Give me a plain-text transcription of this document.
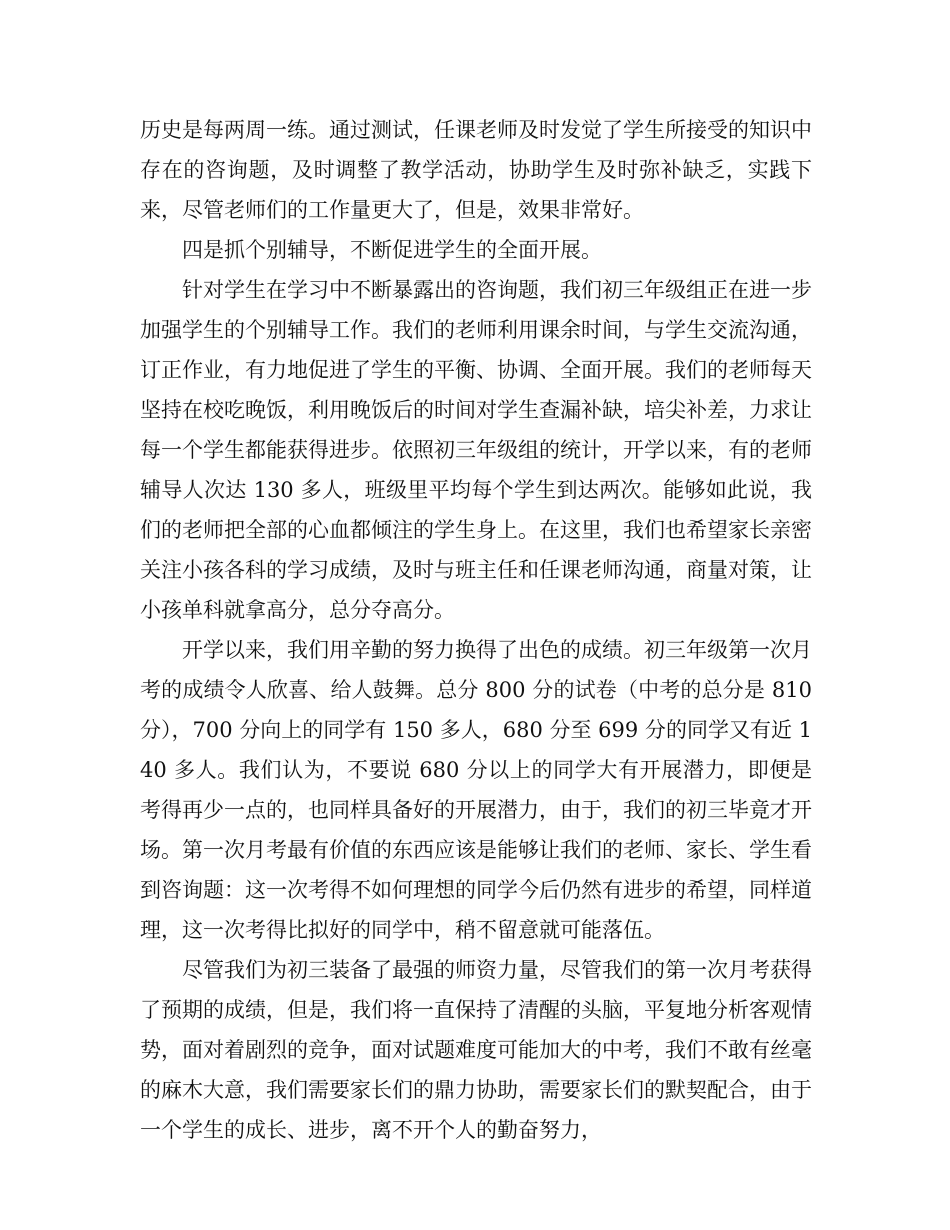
历史是每两周一练。通过测试，任课老师及时发觉了学生所接受的知识中存在的咨询题，及时调整了教学活动，协助学生及时弥补缺乏，实践下来，尽管老师们的工作量更大了，但是，效果非常好。

四是抓个别辅导，不断促进学生的全面开展。

针对学生在学习中不断暴露出的咨询题，我们初三年级组正在进一步加强学生的个别辅导工作。我们的老师利用课余时间，与学生交流沟通，订正作业，有力地促进了学生的平衡、协调、全面开展。我们的老师每天坚持在校吃晚饭，利用晚饭后的时间对学生查漏补缺，培尖补差，力求让每一个学生都能获得进步。依照初三年级组的统计，开学以来，有的老师辅导人次达 130 多人，班级里平均每个学生到达两次。能够如此说，我们的老师把全部的心血都倾注的学生身上。在这里，我们也希望家长亲密关注小孩各科的学习成绩，及时与班主任和任课老师沟通，商量对策，让小孩单科就拿高分，总分夺高分。

开学以来，我们用辛勤的努力换得了出色的成绩。初三年级第一次月考的成绩令人欣喜、给人鼓舞。总分 800 分的试卷（中考的总分是 810 分），700 分向上的同学有 150 多人，680 分至 699 分的同学又有近 140 多人。我们认为，不要说 680 分以上的同学大有开展潜力，即便是考得再少一点的，也同样具备好的开展潜力，由于，我们的初三毕竟才开场。第一次月考最有价值的东西应该是能够让我们的老师、家长、学生看到咨询题：这一次考得不如何理想的同学今后仍然有进步的希望，同样道理，这一次考得比拟好的同学中，稍不留意就可能落伍。

尽管我们为初三装备了最强的师资力量，尽管我们的第一次月考获得了预期的成绩，但是，我们将一直保持了清醒的头脑，平复地分析客观情势，面对着剧烈的竞争，面对试题难度可能加大的中考，我们不敢有丝毫的麻木大意，我们需要家长们的鼎力协助，需要家长们的默契配合，由于一个学生的成长、进步，离不开个人的勤奋努力，
